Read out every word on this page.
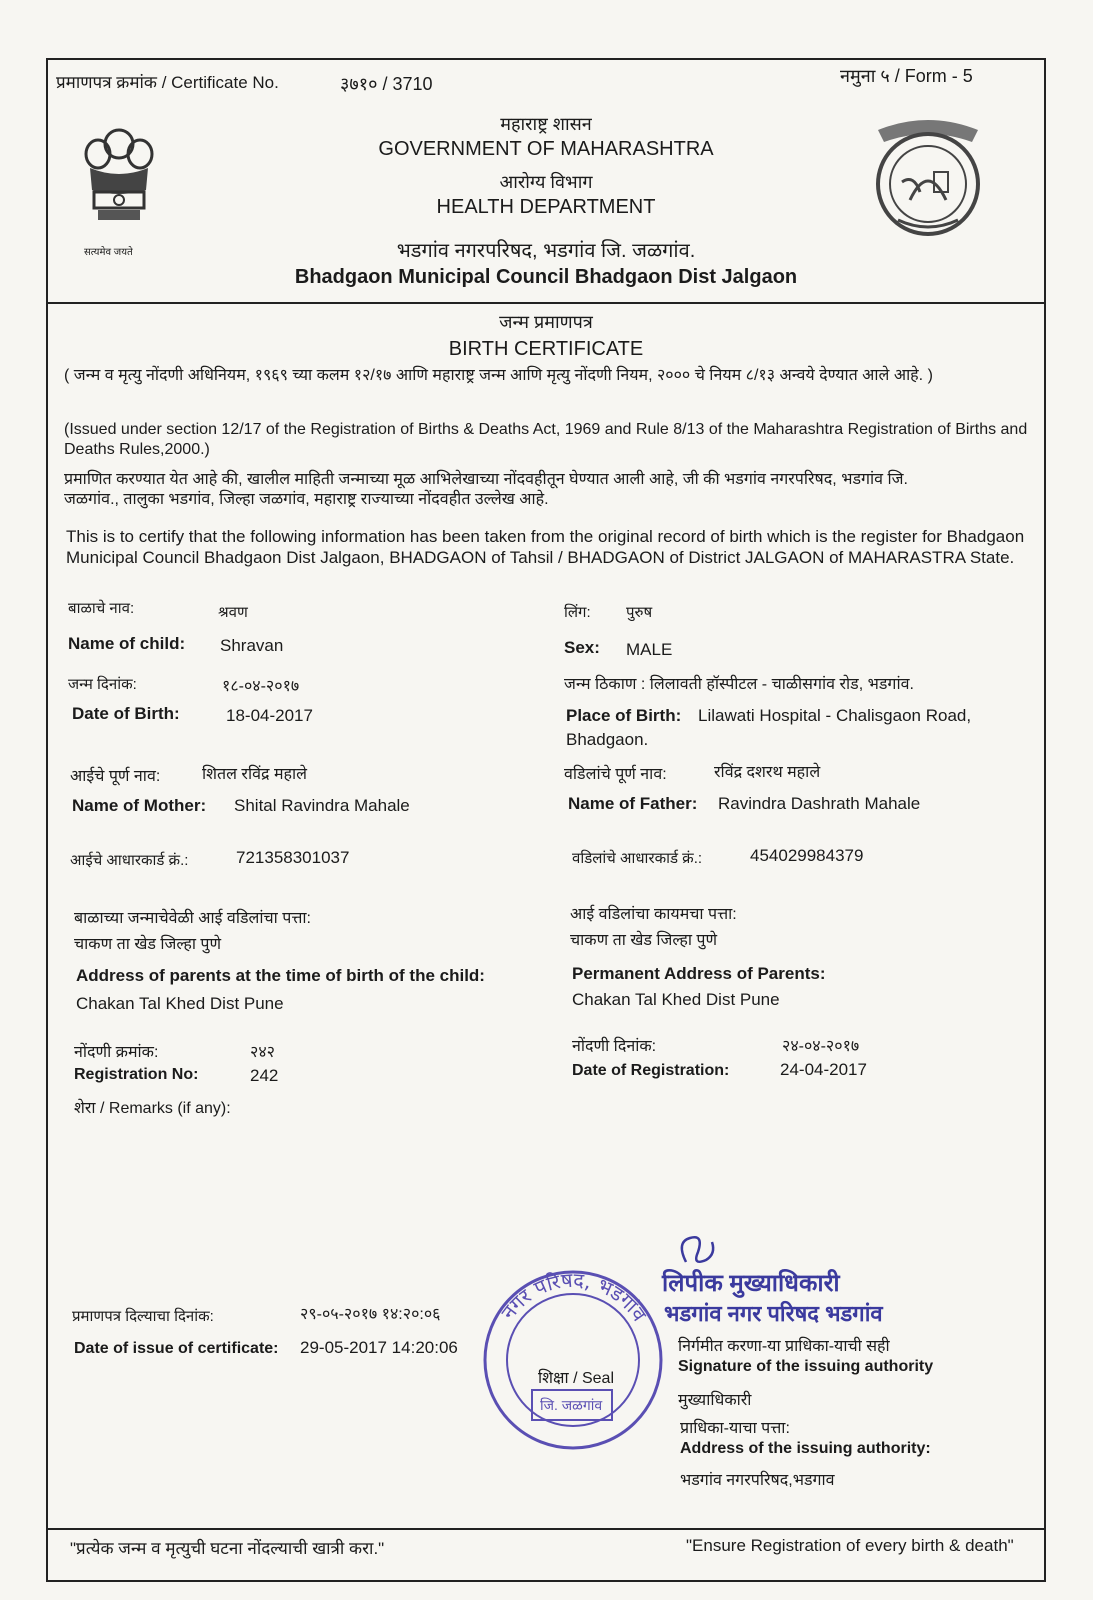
प्रमाणपत्र क्रमांक / Certificate No.	३७१० / 3710	नमुना ५ / Form - 5
सत्यमेव जयते
महाराष्ट्र शासन
GOVERNMENT OF MAHARASHTRA
आरोग्य विभाग
HEALTH DEPARTMENT
भडगांव नगरपरिषद, भडगांव जि. जळगांव.
Bhadgaon Municipal Council Bhadgaon Dist Jalgaon
जन्म प्रमाणपत्र
BIRTH CERTIFICATE
( जन्म व मृत्यु नोंदणी अधिनियम, १९६९ च्या कलम १२/१७ आणि महाराष्ट्र जन्म आणि मृत्यु नोंदणी नियम, २००० चे नियम ८/१३ अन्वये देण्यात आले आहे. )
(Issued under section 12/17 of the Registration of Births & Deaths Act, 1969 and Rule 8/13 of the Maharashtra Registration of Births and Deaths Rules,2000.)
प्रमाणित करण्यात येत आहे की, खालील माहिती जन्माच्या मूळ आभिलेखाच्या नोंदवहीतून घेण्यात आली आहे, जी की भडगांव नगरपरिषद, भडगांव जि. जळगांव., तालुका भडगांव, जिल्हा जळगांव, महाराष्ट्र राज्याच्या नोंदवहीत उल्लेख आहे.
This is to certify that the following information has been taken from the original record of birth which is the register for Bhadgaon Municipal Council Bhadgaon Dist Jalgaon, BHADGAON of Tahsil / BHADGAON of District JALGAON of MAHARASTRA State.
बाळाचे नाव:	श्रवण
Name of child: Shravan
जन्म दिनांक:	१८-०४-२०१७
Date of Birth:	18-04-2017
आईचे पूर्ण नाव:	शितल रविंद्र महाले
Name of Mother: Shital Ravindra Mahale
आईचे आधारकार्ड क्रं.:	721358301037
बाळाच्या जन्माचेवेळी आई वडिलांचा पत्ता:
चाकण ता खेड जिल्हा पुणे
Address of parents at the time of birth of the child:
Chakan Tal Khed Dist Pune
नोंदणी क्रमांक:	२४२
Registration No:	242
शेरा / Remarks (if any):
लिंग: पुरुष
Sex: MALE
जन्म ठिकाण : लिलावती हॉस्पीटल - चाळीसगांव रोड, भडगांव.
Place of Birth: Lilawati Hospital - Chalisgaon Road,
Bhadgaon.
वडिलांचे पूर्ण नाव:	रविंद्र दशरथ महाले
Name of Father: Ravindra Dashrath Mahale
वडिलांचे आधारकार्ड क्रं.:	454029984379
आई वडिलांचा कायमचा पत्ता:
चाकण ता खेड जिल्हा पुणे
Permanent Address of Parents:
Chakan Tal Khed Dist Pune
नोंदणी दिनांक:	२४-०४-२०१७
Date of Registration:	24-04-2017
प्रमाणपत्र दिल्याचा दिनांक:	२९-०५-२०१७ १४:२०:०६
Date of issue of certificate: 29-05-2017 14:20:06
नगर परिषद, भडगांव
शिक्षा / Seal
जि. जळगांव
लिपीक मुख्याधिकारी
भडगांव नगर परिषद भडगांव
निर्गमीत करणा-या प्राधिका-याची सही
Signature of the issuing authority
मुख्याधिकारी
प्राधिका-याचा पत्ता:
Address of the issuing authority:
भडगांव नगरपरिषद,भडगाव
"प्रत्येक जन्म व मृत्युची घटना नोंदल्याची खात्री करा."	"Ensure Registration of every birth & death"
